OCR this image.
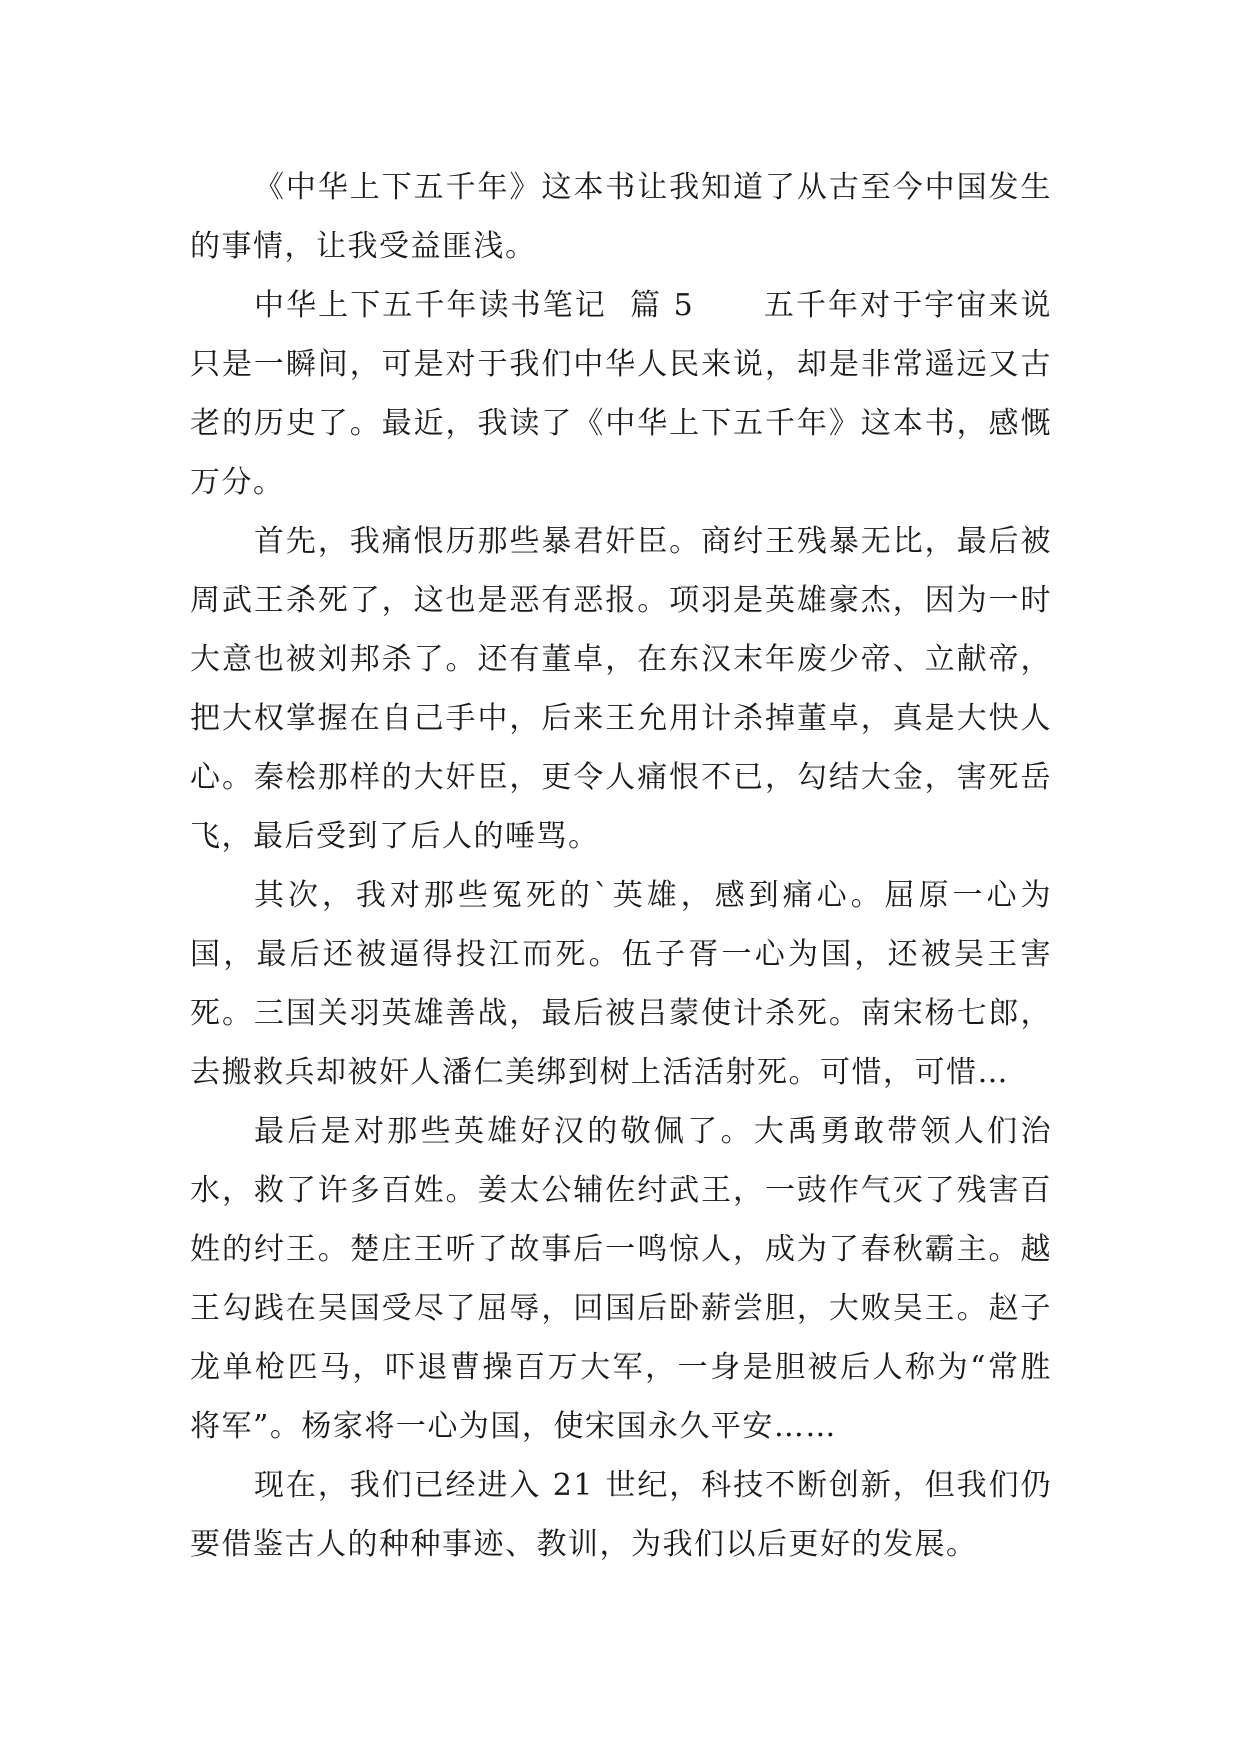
《中华上下五千年》这本书让我知道了从古至今中国发生的事情，让我受益匪浅。

中华上下五千年读书笔记  篇 5      五千年对于宇宙来说只是一瞬间，可是对于我们中华人民来说，却是非常遥远又古老的历史了。最近，我读了《中华上下五千年》这本书，感慨万分。

首先，我痛恨历那些暴君奸臣。商纣王残暴无比，最后被周武王杀死了，这也是恶有恶报。项羽是英雄豪杰，因为一时大意也被刘邦杀了。还有董卓，在东汉末年废少帝、立献帝，把大权掌握在自己手中，后来王允用计杀掉董卓，真是大快人心。秦桧那样的大奸臣，更令人痛恨不已，勾结大金，害死岳飞，最后受到了后人的唾骂。

其次，我对那些冤死的`英雄，感到痛心。屈原一心为国，最后还被逼得投江而死。伍子胥一心为国，还被吴王害死。三国关羽英雄善战，最后被吕蒙使计杀死。南宋杨七郎，去搬救兵却被奸人潘仁美绑到树上活活射死。可惜，可惜…

最后是对那些英雄好汉的敬佩了。大禹勇敢带领人们治水，救了许多百姓。姜太公辅佐纣武王，一豉作气灭了残害百姓的纣王。楚庄王听了故事后一鸣惊人，成为了春秋霸主。越王勾践在吴国受尽了屈辱，回国后卧薪尝胆，大败吴王。赵子龙单枪匹马，吓退曹操百万大军，一身是胆被后人称为“常胜将军”。杨家将一心为国，使宋国永久平安……

现在，我们已经进入 21 世纪，科技不断创新，但我们仍要借鉴古人的种种事迹、教训，为我们以后更好的发展。
